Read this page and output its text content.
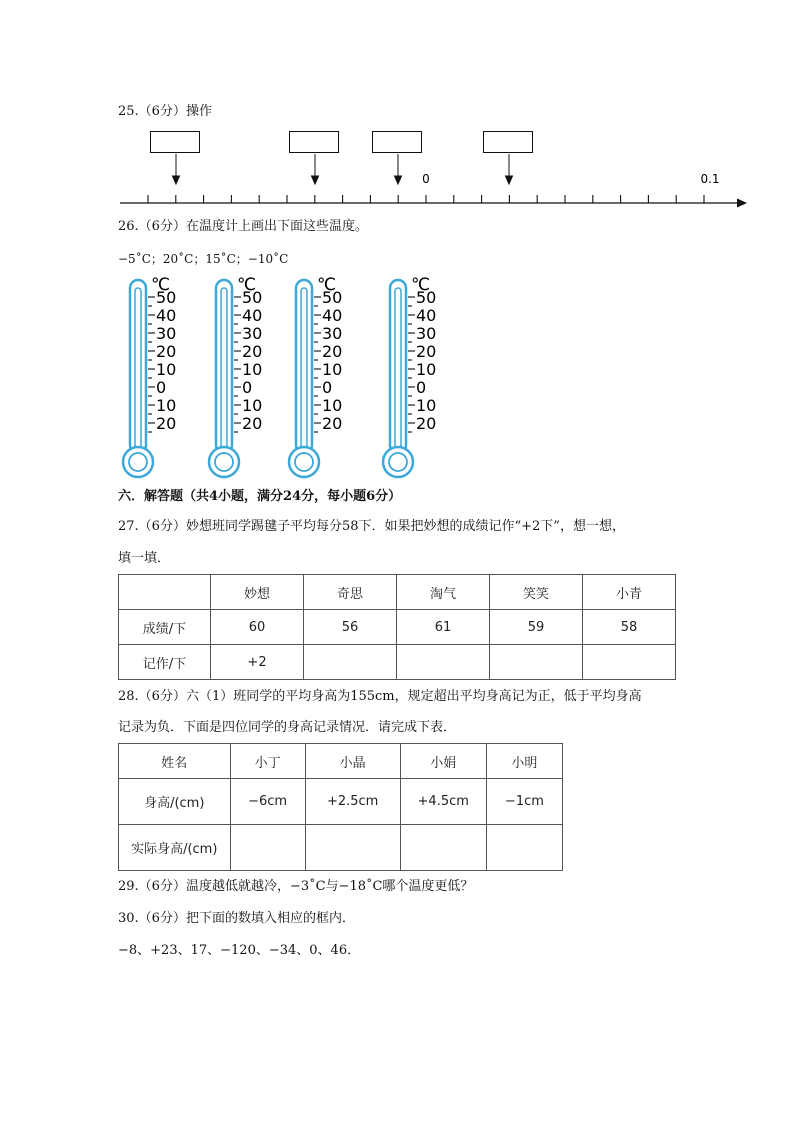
25.（6分）操作
0	0.1
26.（6分）在温度计上画出下面这些温度。
−5˚C；20˚C；15˚C；−10˚C
℃
50
40
30
20
10
0
10
20
℃
50
40
30
20
10
0
10
20
℃
50
40
30
20
10
0
10
20
℃
50
40
30
20
10
0
10
20
六．解答题（共4小题，满分24分，每小题6分）
27.（6分）妙想班同学踢毽子平均每分58下．如果把妙想的成绩记作“+2下”，想一想，
填一填．
	妙想	奇思	淘气	笑笑	小青
成绩/下	60	56	61	59	58
记作/下	+2				
28.（6分）六（1）班同学的平均身高为155cm，规定超出平均身高记为正，低于平均身高
记录为负．下面是四位同学的身高记录情况．请完成下表．
姓名	小丁	小晶	小娟	小明
身高/(cm)	−6cm	+2.5cm	+4.5cm	−1cm
实际身高/(cm)				
29.（6分）温度越低就越冷，−3˚C与−18˚C哪个温度更低？
30.（6分）把下面的数填入相应的框内．
−8、+23、17、−120、−34、0、46．
